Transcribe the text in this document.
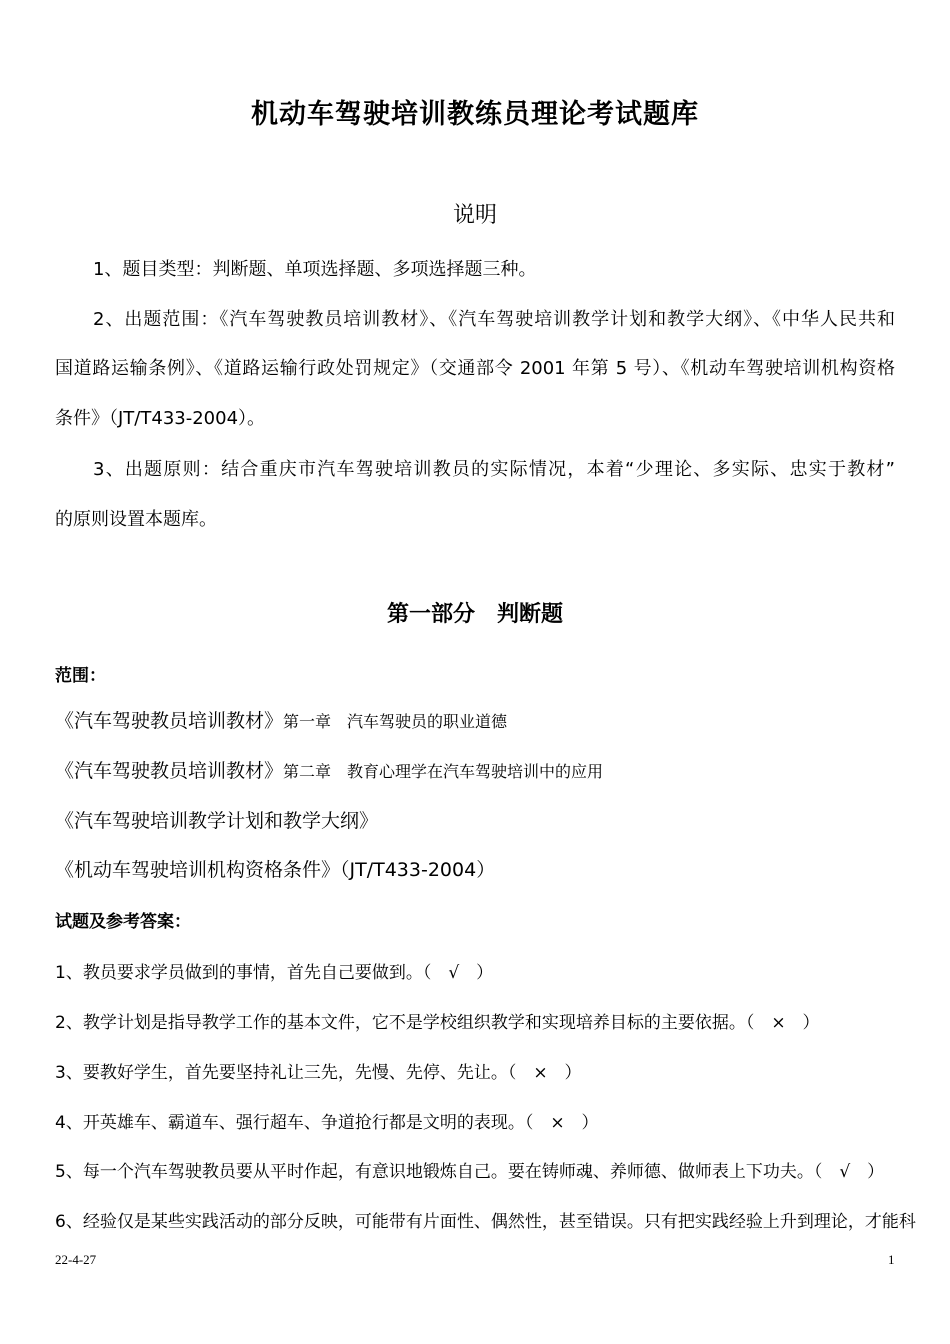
机动车驾驶培训教练员理论考试题库
说明
1、题目类型：判断题、单项选择题、多项选择题三种。
2、出题范围：《汽车驾驶教员培训教材》、《汽车驾驶培训教学计划和教学大纲》、《中华人民共和
国道路运输条例》、《道路运输行政处罚规定》（交通部令 2001 年第 5 号）、《机动车驾驶培训机构资格
条件》（JT/T433-2004）。
3、出题原则：结合重庆市汽车驾驶培训教员的实际情况，本着“少理论、多实际、忠实于教材”
的原则设置本题库。
第一部分　判断题
范围：
《汽车驾驶教员培训教材》第一章　汽车驾驶员的职业道德
《汽车驾驶教员培训教材》第二章　教育心理学在汽车驾驶培训中的应用
《汽车驾驶培训教学计划和教学大纲》
《机动车驾驶培训机构资格条件》（JT/T433-2004）
试题及参考答案：
1、教员要求学员做到的事情，首先自己要做到。（　√　）
2、教学计划是指导教学工作的基本文件，它不是学校组织教学和实现培养目标的主要依据。（　×　）
3、要教好学生，首先要坚持礼让三先，先慢、先停、先让。（　×　）
4、开英雄车、霸道车、强行超车、争道抢行都是文明的表现。（　×　）
5、每一个汽车驾驶教员要从平时作起，有意识地锻炼自己。要在铸师魂、养师德、做师表上下功夫。（　√　）
6、经验仅是某些实践活动的部分反映，可能带有片面性、偶然性，甚至错误。只有把实践经验上升到理论，才能科
22-4-27	1
